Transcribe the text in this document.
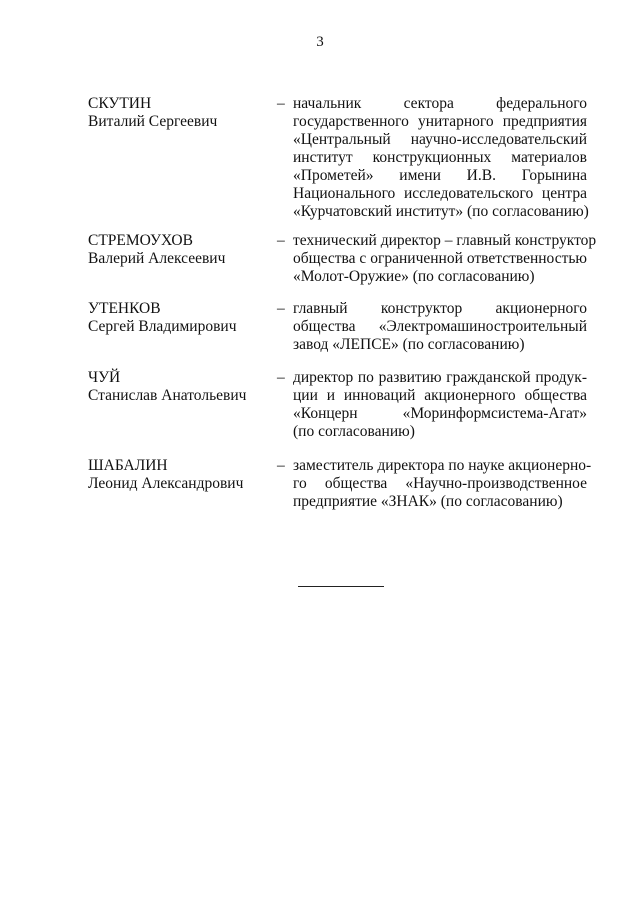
3
СКУТИН
Виталий Сергеевич
– начальник сектора федерального
государственного унитарного предприятия
«Центральный научно-исследовательский
институт конструкционных материалов
«Прометей» имени И.В. Горынина
Национального исследовательского центра
«Курчатовский институт» (по согласованию)
СТРЕМОУХОВ
Валерий Алексеевич
– технический директор – главный конструктор
общества с ограниченной ответственностью
«Молот-Оружие» (по согласованию)
УТЕНКОВ
Сергей Владимирович
– главный конструктор акционерного
общества «Электромашиностроительный
завод «ЛЕПСЕ» (по согласованию)
ЧУЙ
Станислав Анатольевич
– директор по развитию гражданской продук-
ции и инноваций акционерного общества
«Концерн «Моринформсистема-Агат»
(по согласованию)
ШАБАЛИН
Леонид Александрович
– заместитель директора по науке акционерно-
го общества «Научно-производственное
предприятие «ЗНАК» (по согласованию)
